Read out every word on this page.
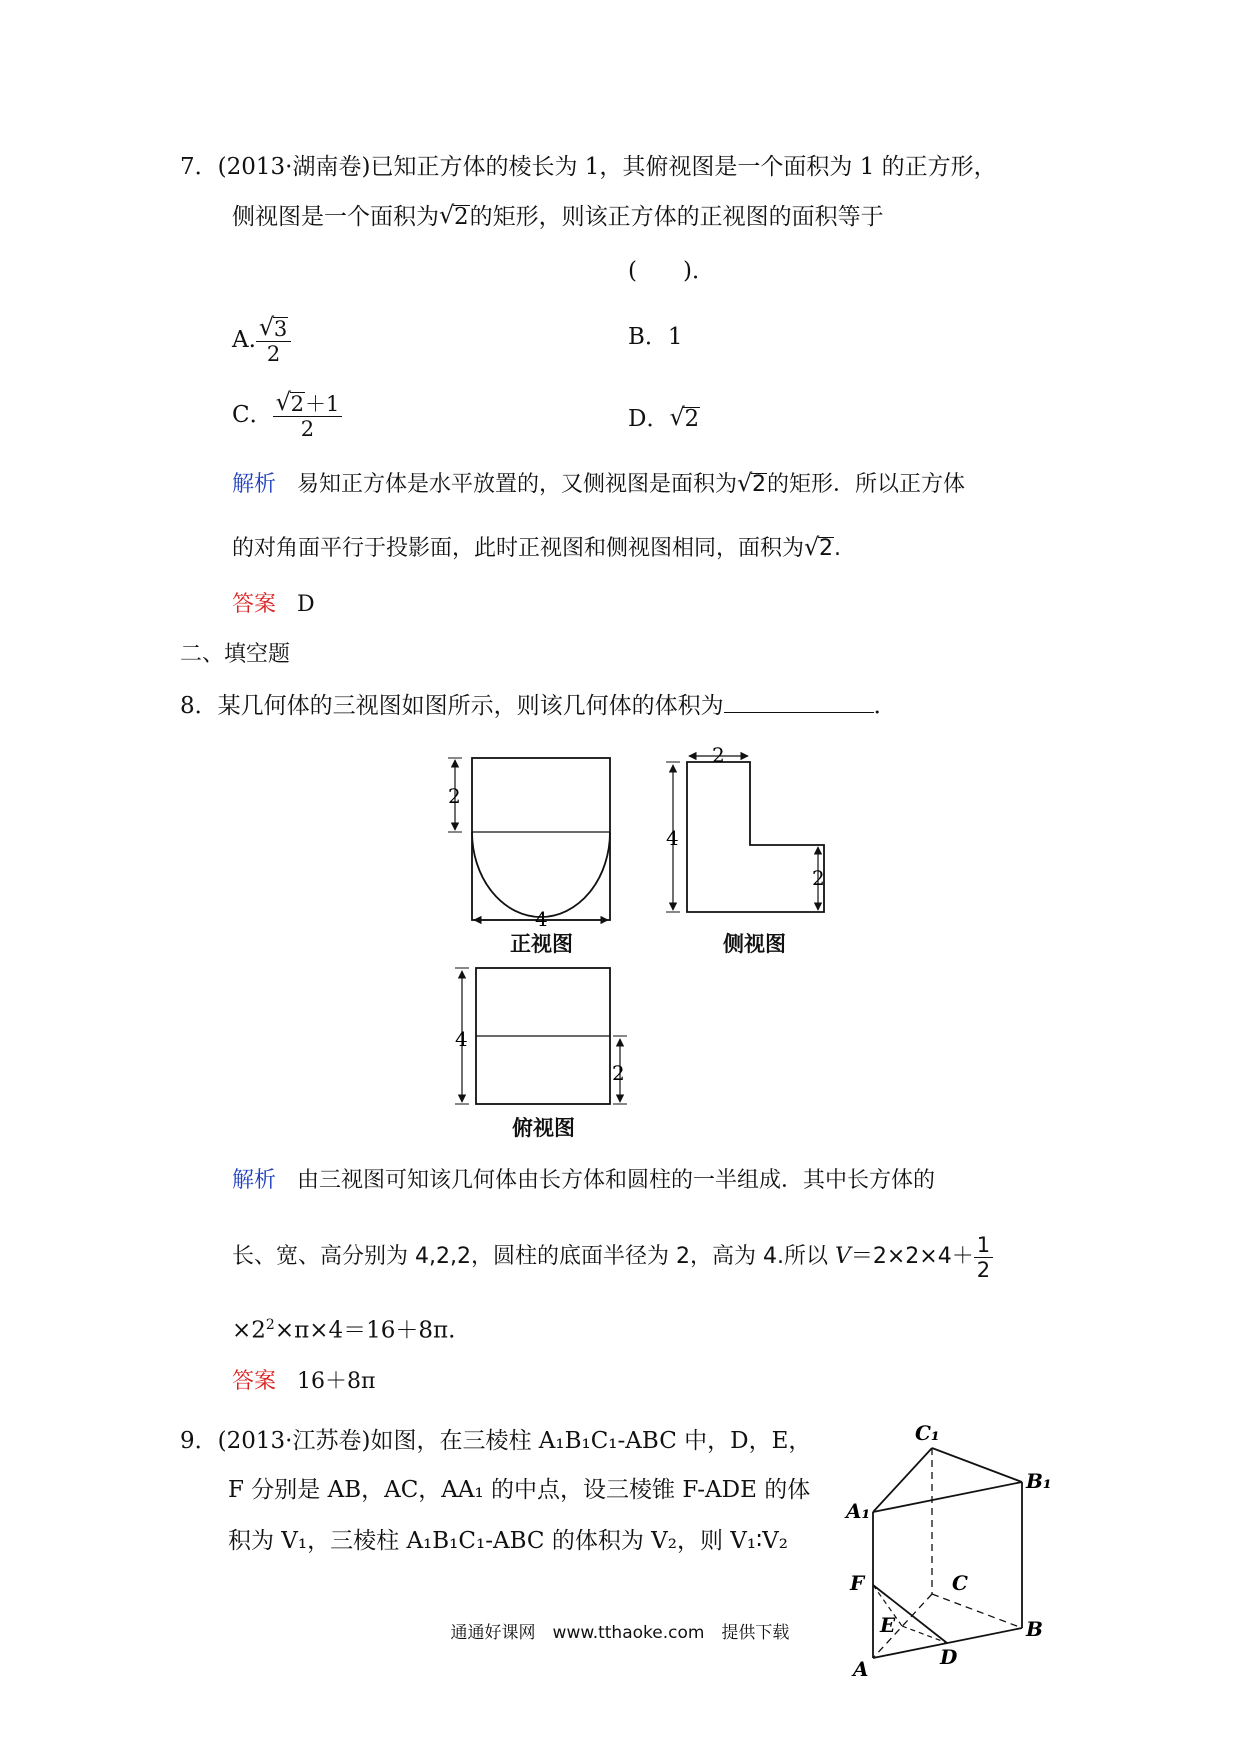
7．(2013·湖南卷)已知正方体的棱长为 1，其俯视图是一个面积为 1 的正方形，
侧视图是一个面积为 √ 2的矩形，则该正方体的正视图的面积等于
(　　)．
A. √ $\frac{3}{2}$	B．1
C． √ $\frac{2+1}{2}$	D． √ 2
解析 易知正方体是水平放置的，又侧视图是面积为 √ 2的矩形．所以正方体
的对角面平行于投影面，此时正视图和侧视图相同，面积为 √ 2.
答案 D
二、填空题
8．某几何体的三视图如图所示，则该几何体的体积为	．
2
4
2
4
2
4
2
C₁
B₁
A₁
C
F
E	B
A	D
正视图	侧视图
俯视图
解析 由三视图可知该几何体由长方体和圆柱的一半组成．其中长方体的
长、宽、高分别为 4,2,2，圆柱的底面半径为 2，高为 4.所以 $V=2\times 2\times 4+ \frac{1}{2}$
$\times 2^2\times\pi\times 4=16+8\pi$.
答案 16＋8π
9．(2013·江苏卷)如图，在三棱柱 A₁B₁C₁-ABC 中，D，E，
F 分别是 AB，AC，AA₁ 的中点，设三棱锥 F-ADE 的体
积为 V₁，三棱柱 A₁B₁C₁-ABC 的体积为 V₂，则 V₁∶V₂
通通好课网　www.tthaoke.com　提供下载
